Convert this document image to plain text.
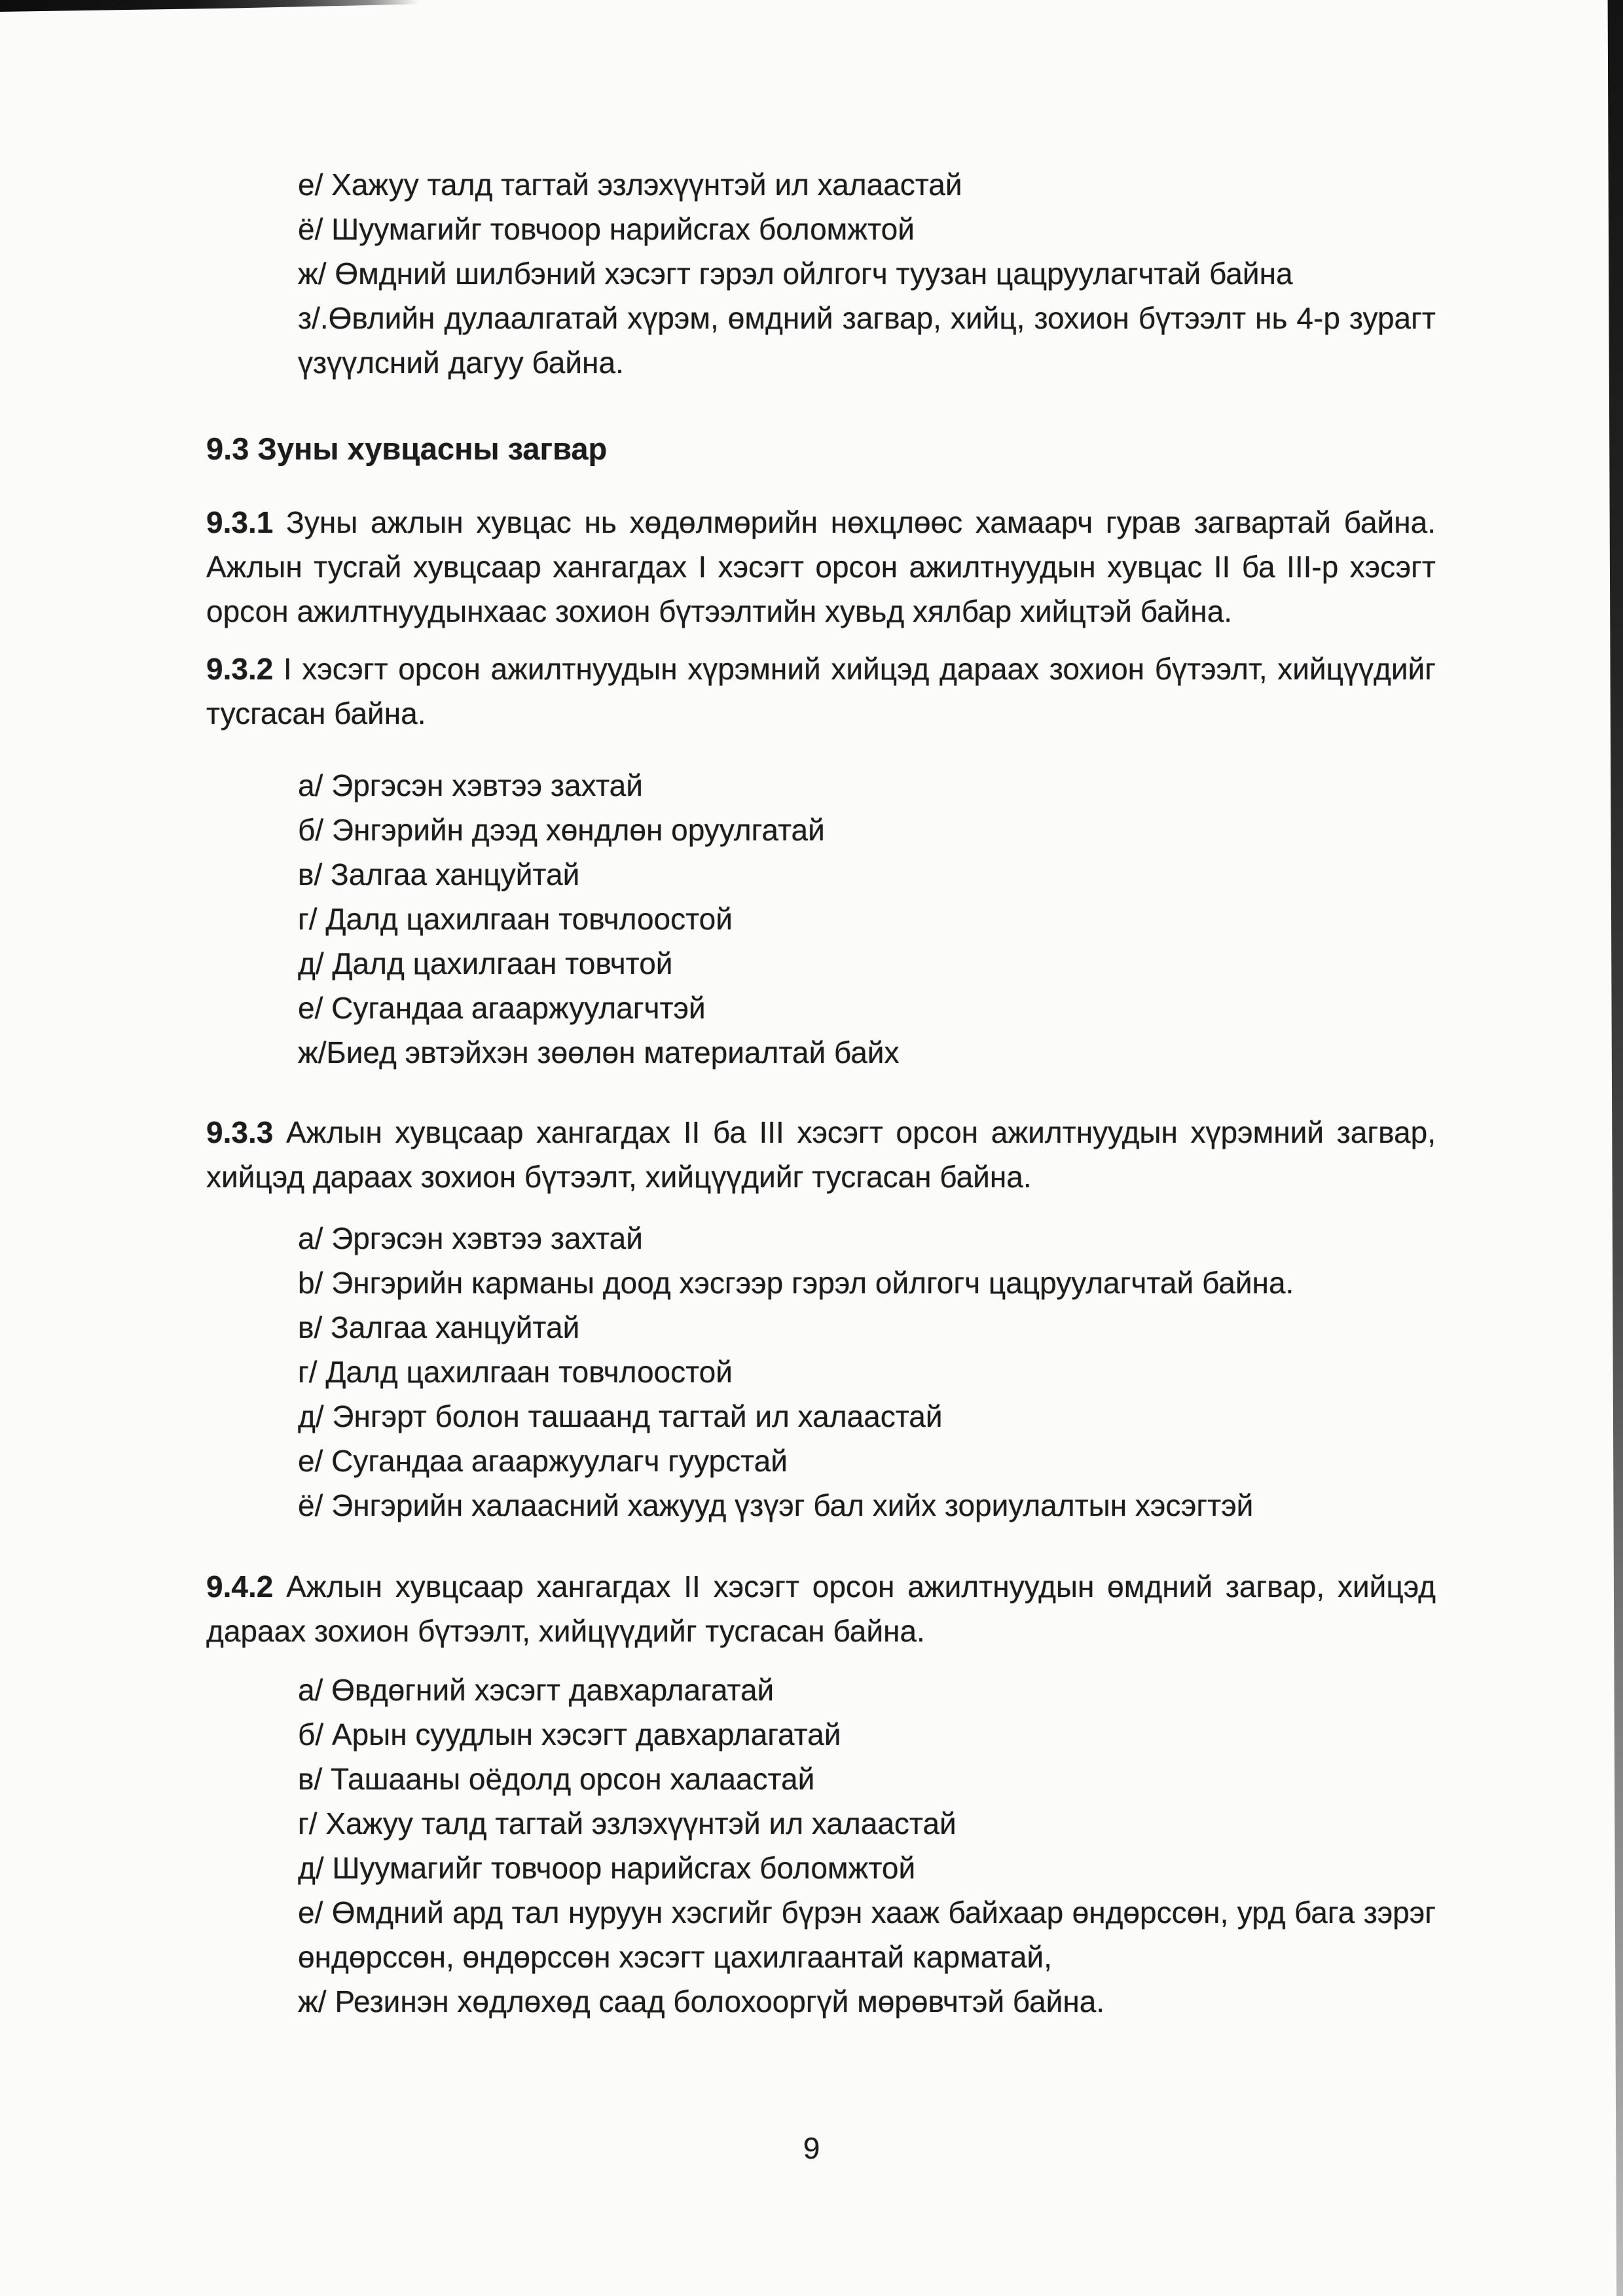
е/ Хажуу талд тагтай эзлэхүүнтэй ил халаастай
ё/ Шуумагийг товчоор нарийсгах боломжтой
ж/ Өмдний шилбэний хэсэгт гэрэл ойлгогч туузан цацруулагчтай байна
з/.Өвлийн дулаалгатай хүрэм, өмдний загвар, хийц, зохион бүтээлт нь 4-р зурагт үзүүлсний дагуу байна.
9.3 Зуны хувцасны загвар

9.3.1 Зуны ажлын хувцас нь хөдөлмөрийн нөхцлөөс хамаарч гурав загвартай байна. Ажлын тусгай хувцсаар хангагдах I хэсэгт орсон ажилтнуудын хувцас II ба III-р хэсэгт орсон ажилтнуудынхаас зохион бүтээлтийн хувьд хялбар хийцтэй байна.

9.3.2 I хэсэгт орсон ажилтнуудын хүрэмний хийцэд дараах зохион бүтээлт, хийцүүдийг тусгасан байна.

а/ Эргэсэн хэвтээ захтай
б/ Энгэрийн дээд хөндлөн оруулгатай
в/ Залгаа ханцуйтай
г/ Далд цахилгаан товчлоостой
д/ Далд цахилгаан товчтой
е/ Сугандаа агааржуулагчтэй
ж/Биед эвтэйхэн зөөлөн материалтай байх

9.3.3 Ажлын хувцсаар хангагдах II ба III хэсэгт орсон ажилтнуудын хүрэмний загвар, хийцэд дараах зохион бүтээлт, хийцүүдийг тусгасан байна.

а/ Эргэсэн хэвтээ захтай
b/ Энгэрийн карманы доод хэсгээр гэрэл ойлгогч цацруулагчтай байна.
в/ Залгаа ханцуйтай
г/ Далд цахилгаан товчлоостой
д/ Энгэрт болон ташаанд тагтай ил халаастай
е/ Сугандаа агааржуулагч гуурстай
ё/ Энгэрийн халаасний хажууд үзүэг бал хийх зориулалтын хэсэгтэй

9.4.2 Ажлын хувцсаар хангагдах II хэсэгт орсон ажилтнуудын өмдний загвар, хийцэд дараах зохион бүтээлт, хийцүүдийг тусгасан байна.

а/ Өвдөгний хэсэгт давхарлагатай
б/ Арын суудлын хэсэгт давхарлагатай
в/ Ташааны оёдолд орсон халаастай
г/ Хажуу талд тагтай эзлэхүүнтэй ил халаастай
д/ Шуумагийг товчоор нарийсгах боломжтой
е/ Өмдний ард тал нуруун хэсгийг бүрэн хааж байхаар өндөрссөн, урд бага зэрэг өндөрссөн, өндөрссөн хэсэгт цахилгаантай карматай,
ж/ Резинэн хөдлөхөд саад болохооргүй мөрөвчтэй байна.
9
